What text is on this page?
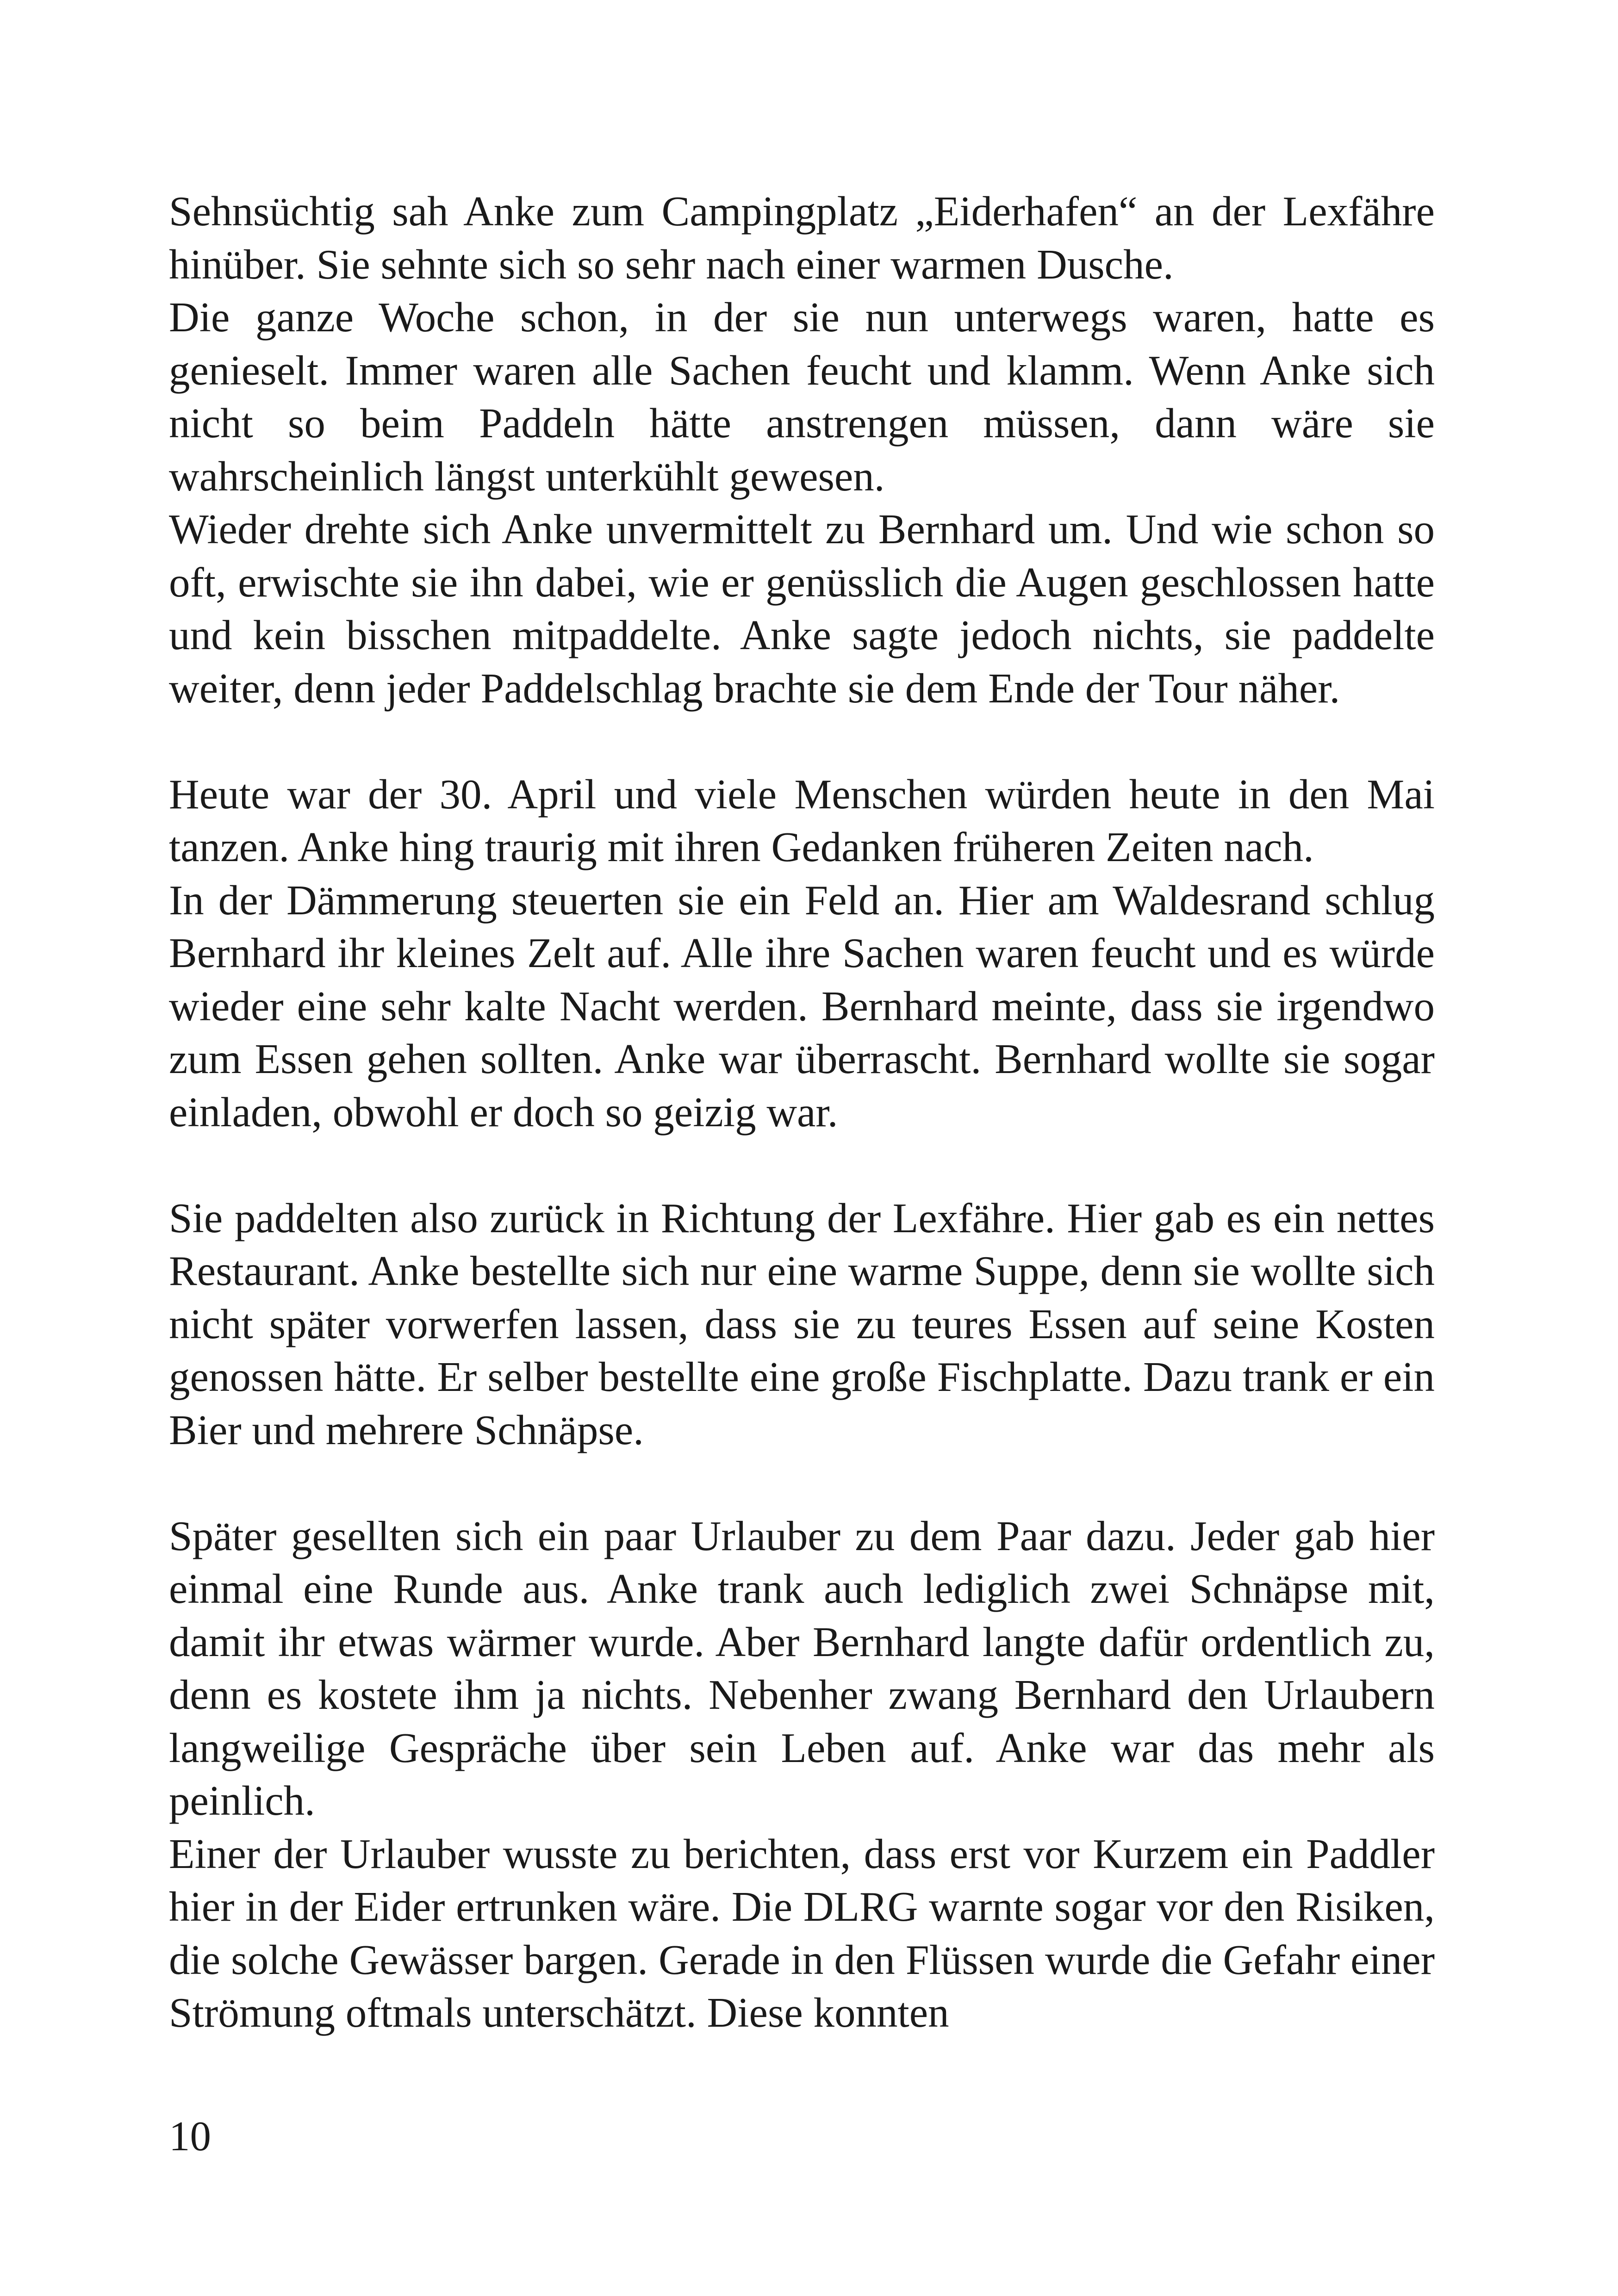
Sehnsüchtig sah Anke zum Campingplatz „Eiderhafen“ an der Lexfähre hinüber. Sie sehnte sich so sehr nach einer warmen Dusche.

Die ganze Woche schon, in der sie nun unterwegs waren, hatte es genieselt. Immer waren alle Sachen feucht und klamm. Wenn Anke sich nicht so beim Paddeln hätte anstrengen müssen, dann wäre sie wahrscheinlich längst unterkühlt gewesen.

Wieder drehte sich Anke unvermittelt zu Bernhard um. Und wie schon so oft, erwischte sie ihn dabei, wie er genüsslich die Augen geschlossen hatte und kein bisschen mitpaddelte. Anke sagte jedoch nichts, sie paddelte weiter, denn jeder Paddelschlag brachte sie dem Ende der Tour näher.

Heute war der 30. April und viele Menschen würden heute in den Mai tanzen. Anke hing traurig mit ihren Gedanken früheren Zeiten nach.

In der Dämmerung steuerten sie ein Feld an. Hier am Waldesrand schlug Bernhard ihr kleines Zelt auf. Alle ihre Sachen waren feucht und es würde wieder eine sehr kalte Nacht werden. Bernhard meinte, dass sie irgendwo zum Essen gehen sollten. Anke war überrascht. Bernhard wollte sie sogar einladen, obwohl er doch so geizig war.

Sie paddelten also zurück in Richtung der Lexfähre. Hier gab es ein nettes Restaurant. Anke bestellte sich nur eine warme Suppe, denn sie wollte sich nicht später vorwerfen lassen, dass sie zu teures Essen auf seine Kosten genossen hätte. Er selber bestellte eine große Fischplatte. Dazu trank er ein Bier und mehrere Schnäpse.

Später gesellten sich ein paar Urlauber zu dem Paar dazu. Jeder gab hier einmal eine Runde aus. Anke trank auch lediglich zwei Schnäpse mit, damit ihr etwas wärmer wurde. Aber Bernhard langte dafür ordentlich zu, denn es kostete ihm ja nichts. Nebenher zwang Bernhard den Urlaubern langweilige Gespräche über sein Leben auf. Anke war das mehr als peinlich.

Einer der Urlauber wusste zu berichten, dass erst vor Kurzem ein Paddler hier in der Eider ertrunken wäre. Die DLRG warnte sogar vor den Risiken, die solche Gewässer bargen. Gerade in den Flüssen wurde die Gefahr einer Strömung oftmals unterschätzt. Diese konnten

10
